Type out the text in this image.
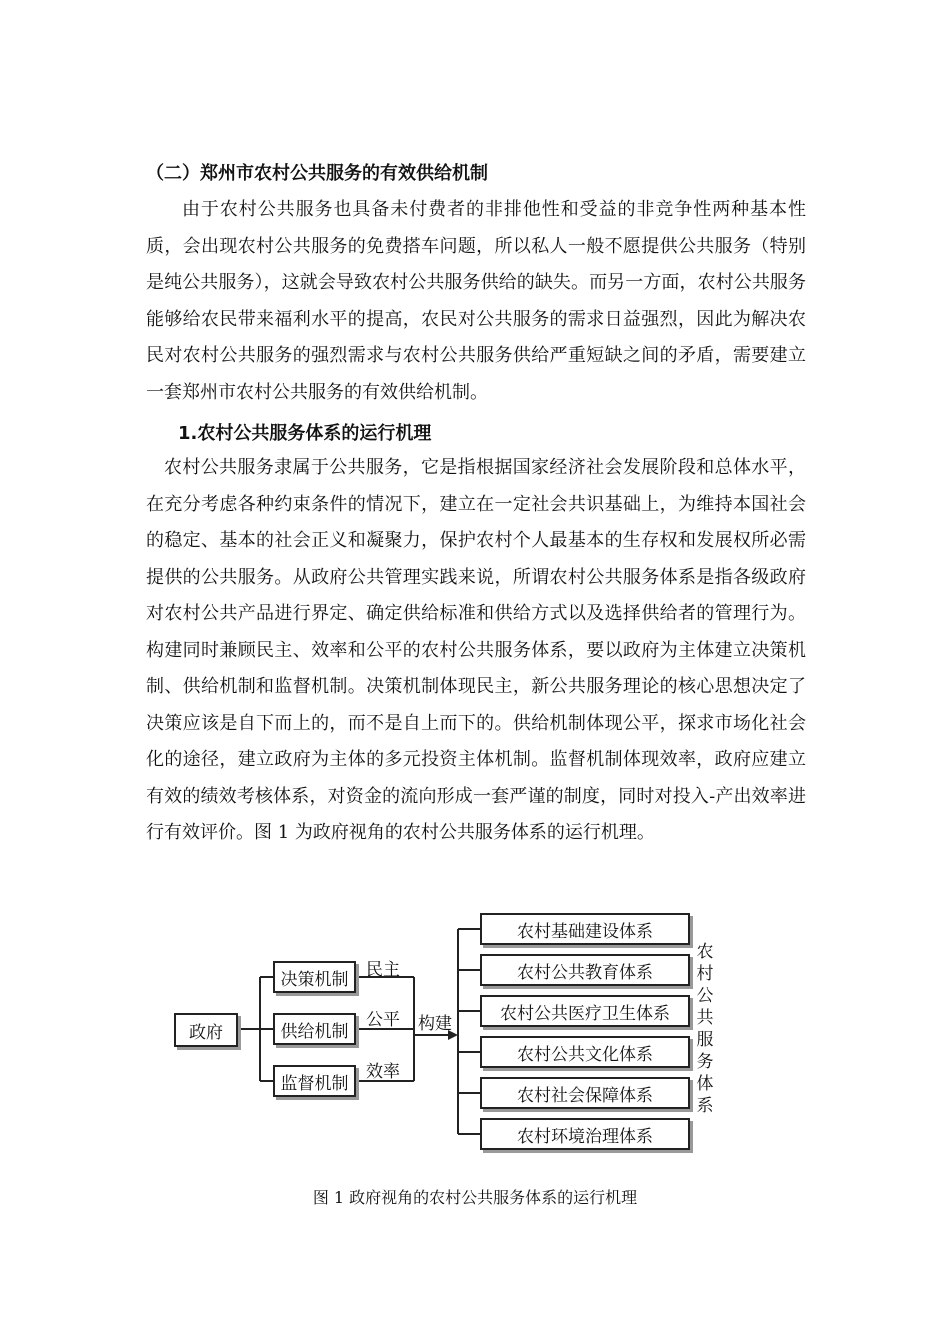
（二）郑州市农村公共服务的有效供给机制

由于农村公共服务也具备未付费者的非排他性和受益的非竞争性两种基本性质，会出现农村公共服务的免费搭车问题，所以私人一般不愿提供公共服务（特别是纯公共服务），这就会导致农村公共服务供给的缺失。而另一方面，农村公共服务能够给农民带来福利水平的提高，农民对公共服务的需求日益强烈，因此为解决农民对农村公共服务的强烈需求与农村公共服务供给严重短缺之间的矛盾，需要建立一套郑州市农村公共服务的有效供给机制。

1.农村公共服务体系的运行机理

农村公共服务隶属于公共服务，它是指根据国家经济社会发展阶段和总体水平，在充分考虑各种约束条件的情况下，建立在一定社会共识基础上，为维持本国社会的稳定、基本的社会正义和凝聚力，保护农村个人最基本的生存权和发展权所必需提供的公共服务。从政府公共管理实践来说，所谓农村公共服务体系是指各级政府对农村公共产品进行界定、确定供给标准和供给方式以及选择供给者的管理行为。构建同时兼顾民主、效率和公平的农村公共服务体系，要以政府为主体建立决策机制、供给机制和监督机制。决策机制体现民主，新公共服务理论的核心思想决定了决策应该是自下而上的，而不是自上而下的。供给机制体现公平，探求市场化社会化的途径，建立政府为主体的多元投资主体机制。监督机制体现效率，政府应建立有效的绩效考核体系，对资金的流向形成一套严谨的制度，同时对投入-产出效率进行有效评价。图 1 为政府视角的农村公共服务体系的运行机理。

政府
决策机制
供给机制
监督机制
民主
公平
效率
构建
农村基础建设体系
农村公共教育体系
农村公共医疗卫生体系
农村公共文化体系
农村社会保障体系
农村环境治理体系
农村公共服务体系
图 1 政府视角的农村公共服务体系的运行机理
